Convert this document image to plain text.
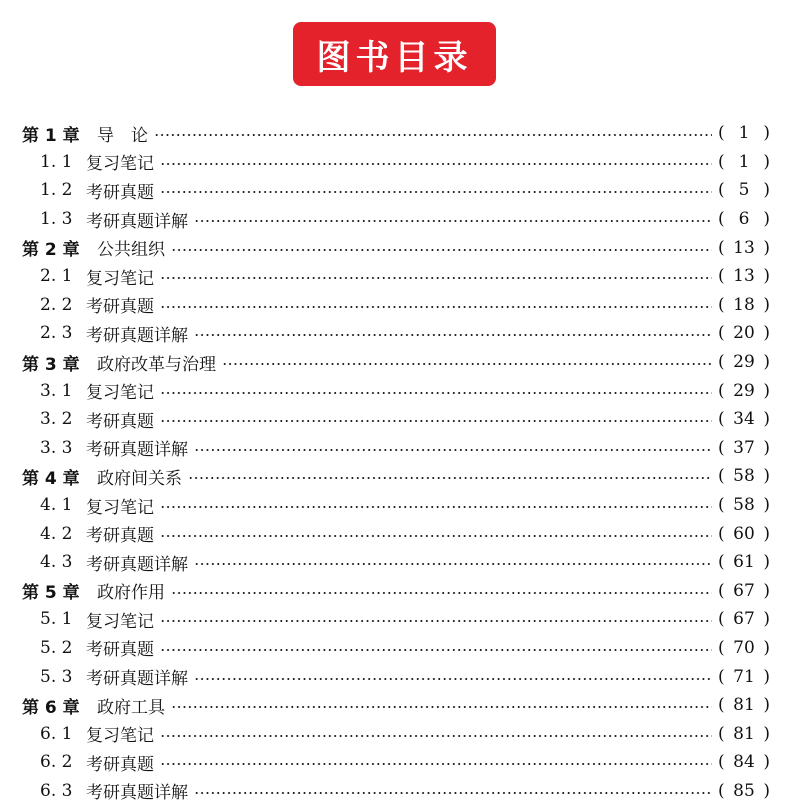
图书目录
第 1 章	导　论	( 1 )
1. 1 复习笔记	( 1 )
1. 2 考研真题	( 5 )
1. 3 考研真题详解	( 6 )
第 2 章	公共组织	( 13 )
2. 1 复习笔记	( 13 )
2. 2 考研真题	( 18 )
2. 3 考研真题详解	( 20 )
第 3 章	政府改革与治理	( 29 )
3. 1 复习笔记	( 29 )
3. 2 考研真题	( 34 )
3. 3 考研真题详解	( 37 )
第 4 章	政府间关系	( 58 )
4. 1 复习笔记	( 58 )
4. 2 考研真题	( 60 )
4. 3 考研真题详解	( 61 )
第 5 章	政府作用	( 67 )
5. 1 复习笔记	( 67 )
5. 2 考研真题	( 70 )
5. 3 考研真题详解	( 71 )
第 6 章	政府工具	( 81 )
6. 1 复习笔记	( 81 )
6. 2 考研真题	( 84 )
6. 3 考研真题详解	( 85 )
